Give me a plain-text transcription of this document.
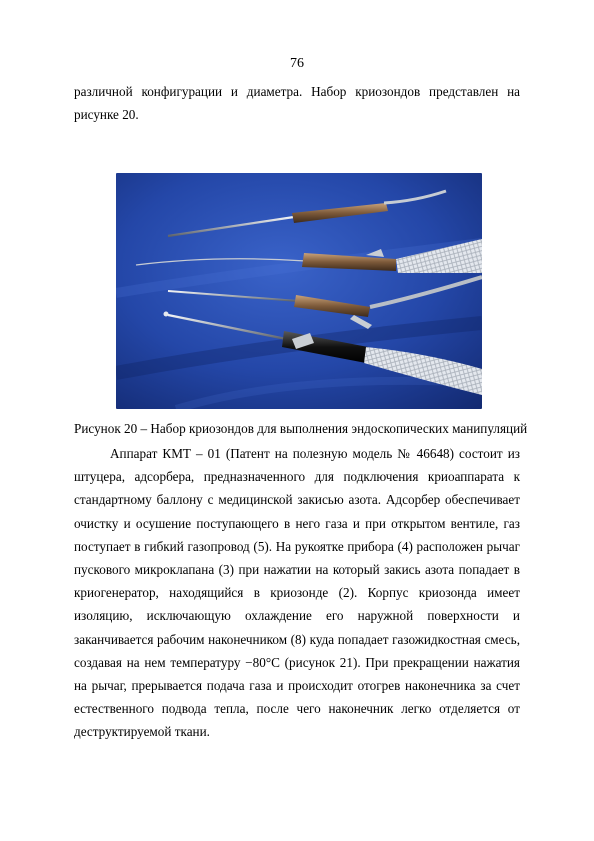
76

различной конфигурации и диаметра. Набор криозондов представлен на рисунке 20.

Рисунок 20 – Набор криозондов для выполнения эндоскопических манипуляций

Аппарат КМТ – 01 (Патент на полезную модель № 46648) состоит из штуцера, адсорбера, предназначенного для подключения криоаппарата к стандартному баллону с медицинской закисью азота. Адсорбер обеспечивает очистку и осушение поступающего в него газа и при открытом вентиле, газ поступает в гибкий газопровод (5). На рукоятке прибора (4) расположен рычаг пускового микроклапана (3) при нажатии на который закись азота попадает в криогенератор, находящийся в криозонде (2). Корпус криозонда имеет изоляцию, исключающую охлаждение его наружной поверхности и заканчивается рабочим наконечником (8) куда попадает газожидкостная смесь, создавая на нем температуру −80°C (рисунок 21). При прекращении нажатия на рычаг, прерывается подача газа и происходит отогрев наконечника за счет естественного подвода тепла, после чего наконечник легко отделяется от деструктируемой ткани.
